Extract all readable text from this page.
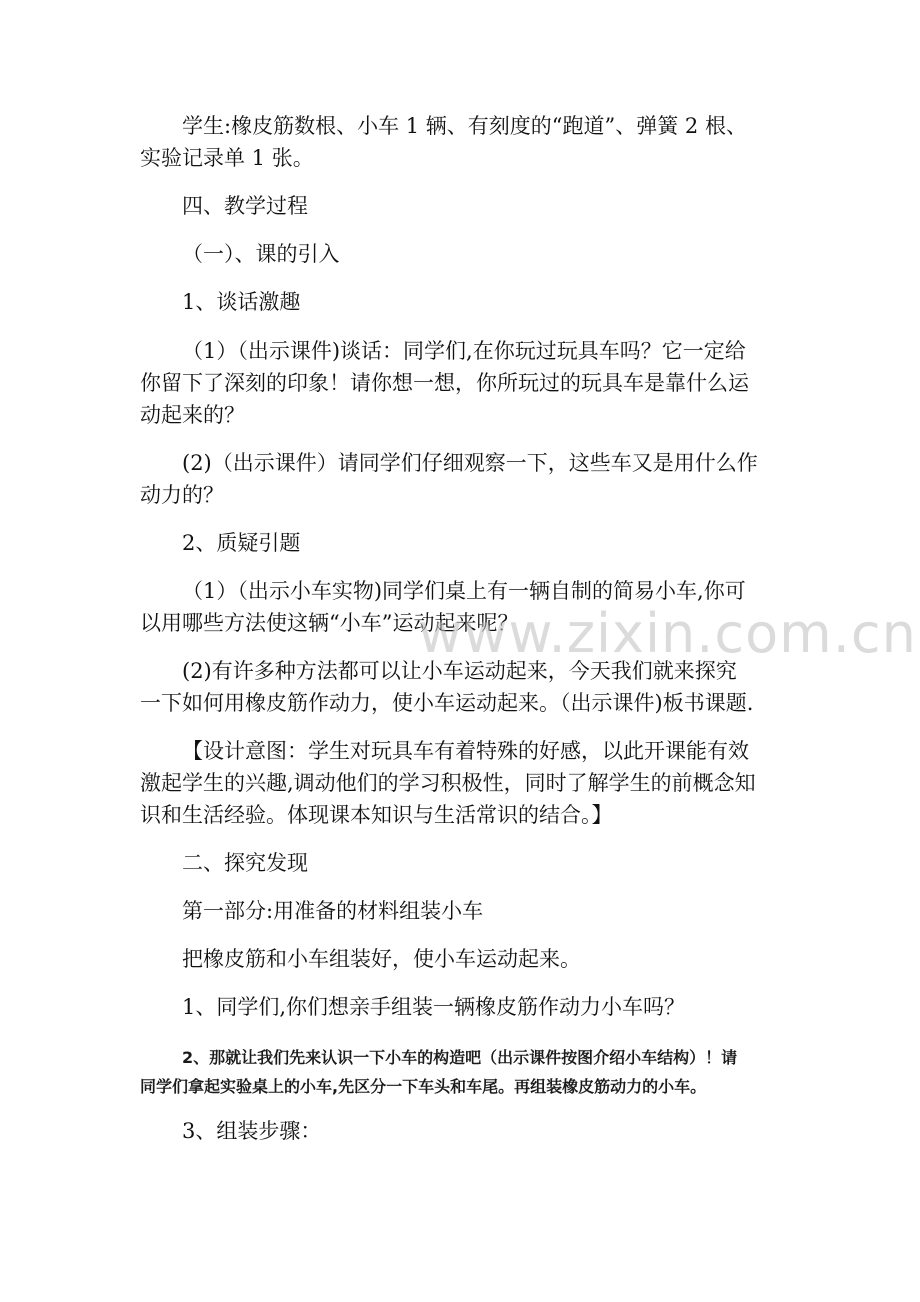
学生:橡皮筋数根、小车 1 辆、有刻度的“跑道”、弹簧 2 根、
实验记录单 1 张。
四、教学过程
（一）、课的引入
1、谈话激趣
（1）（出示课件)谈话：同学们,在你玩过玩具车吗？它一定给
你留下了深刻的印象！请你想一想，你所玩过的玩具车是靠什么运
动起来的？
(2)（出示课件）请同学们仔细观察一下，这些车又是用什么作
动力的？
2、质疑引题
（1）（出示小车实物)同学们桌上有一辆自制的简易小车,你可
以用哪些方法使这辆“小车”运动起来呢？
(2)有许多种方法都可以让小车运动起来，今天我们就来探究
一下如何用橡皮筋作动力，使小车运动起来。（出示课件)板书课题.
【设计意图：学生对玩具车有着特殊的好感，以此开课能有效
激起学生的兴趣,调动他们的学习积极性，同时了解学生的前概念知
识和生活经验。体现课本知识与生活常识的结合。】
二、探究发现
第一部分:用准备的材料组装小车
把橡皮筋和小车组装好，使小车运动起来。
1、同学们,你们想亲手组装一辆橡皮筋作动力小车吗？
2、那就让我们先来认识一下小车的构造吧（出示课件按图介绍小车结构）！请
同学们拿起实验桌上的小车,先区分一下车头和车尾。再组装橡皮筋动力的小车。
3、组装步骤：
www.zixin.com.cn
